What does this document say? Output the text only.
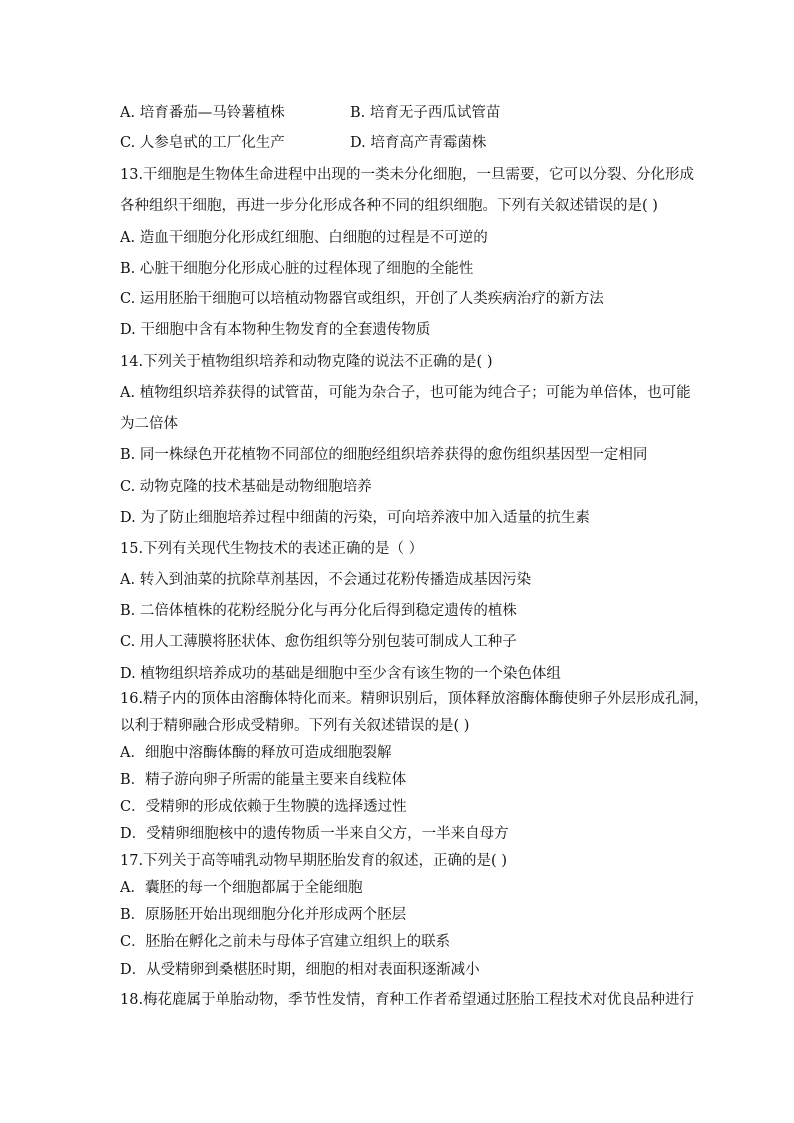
A. 培育番茄—马铃薯植株	B. 培育无子西瓜试管苗
C. 人参皂甙的工厂化生产	D. 培育高产青霉菌株
13.干细胞是生物体生命进程中出现的一类未分化细胞，一旦需要，它可以分裂、分化形成
各种组织干细胞，再进一步分化形成各种不同的组织细胞。下列有关叙述错误的是( )
A. 造血干细胞分化形成红细胞、白细胞的过程是不可逆的
B. 心脏干细胞分化形成心脏的过程体现了细胞的全能性
C. 运用胚胎干细胞可以培植动物器官或组织，开创了人类疾病治疗的新方法
D. 干细胞中含有本物种生物发育的全套遗传物质
14.下列关于植物组织培养和动物克隆的说法不正确的是( )
A. 植物组织培养获得的试管苗，可能为杂合子，也可能为纯合子；可能为单倍体，也可能
为二倍体
B. 同一株绿色开花植物不同部位的细胞经组织培养获得的愈伤组织基因型一定相同
C. 动物克隆的技术基础是动物细胞培养
D. 为了防止细胞培养过程中细菌的污染，可向培养液中加入适量的抗生素
15.下列有关现代生物技术的表述正确的是（ ）
A. 转入到油菜的抗除草剂基因，不会通过花粉传播造成基因污染
B. 二倍体植株的花粉经脱分化与再分化后得到稳定遗传的植株
C. 用人工薄膜将胚状体、愈伤组织等分别包装可制成人工种子
D. 植物组织培养成功的基础是细胞中至少含有该生物的一个染色体组
16.精子内的顶体由溶酶体特化而来。精卵识别后，顶体释放溶酶体酶使卵子外层形成孔洞，
以利于精卵融合形成受精卵。下列有关叙述错误的是( )
A．细胞中溶酶体酶的释放可造成细胞裂解
B．精子游向卵子所需的能量主要来自线粒体
C．受精卵的形成依赖于生物膜的选择透过性
D．受精卵细胞核中的遗传物质一半来自父方，一半来自母方
17.下列关于高等哺乳动物早期胚胎发育的叙述，正确的是( )
A．囊胚的每一个细胞都属于全能细胞
B．原肠胚开始出现细胞分化并形成两个胚层
C．胚胎在孵化之前未与母体子宫建立组织上的联系
D．从受精卵到桑椹胚时期，细胞的相对表面积逐渐减小
18.梅花鹿属于单胎动物，季节性发情，育种工作者希望通过胚胎工程技术对优良品种进行
